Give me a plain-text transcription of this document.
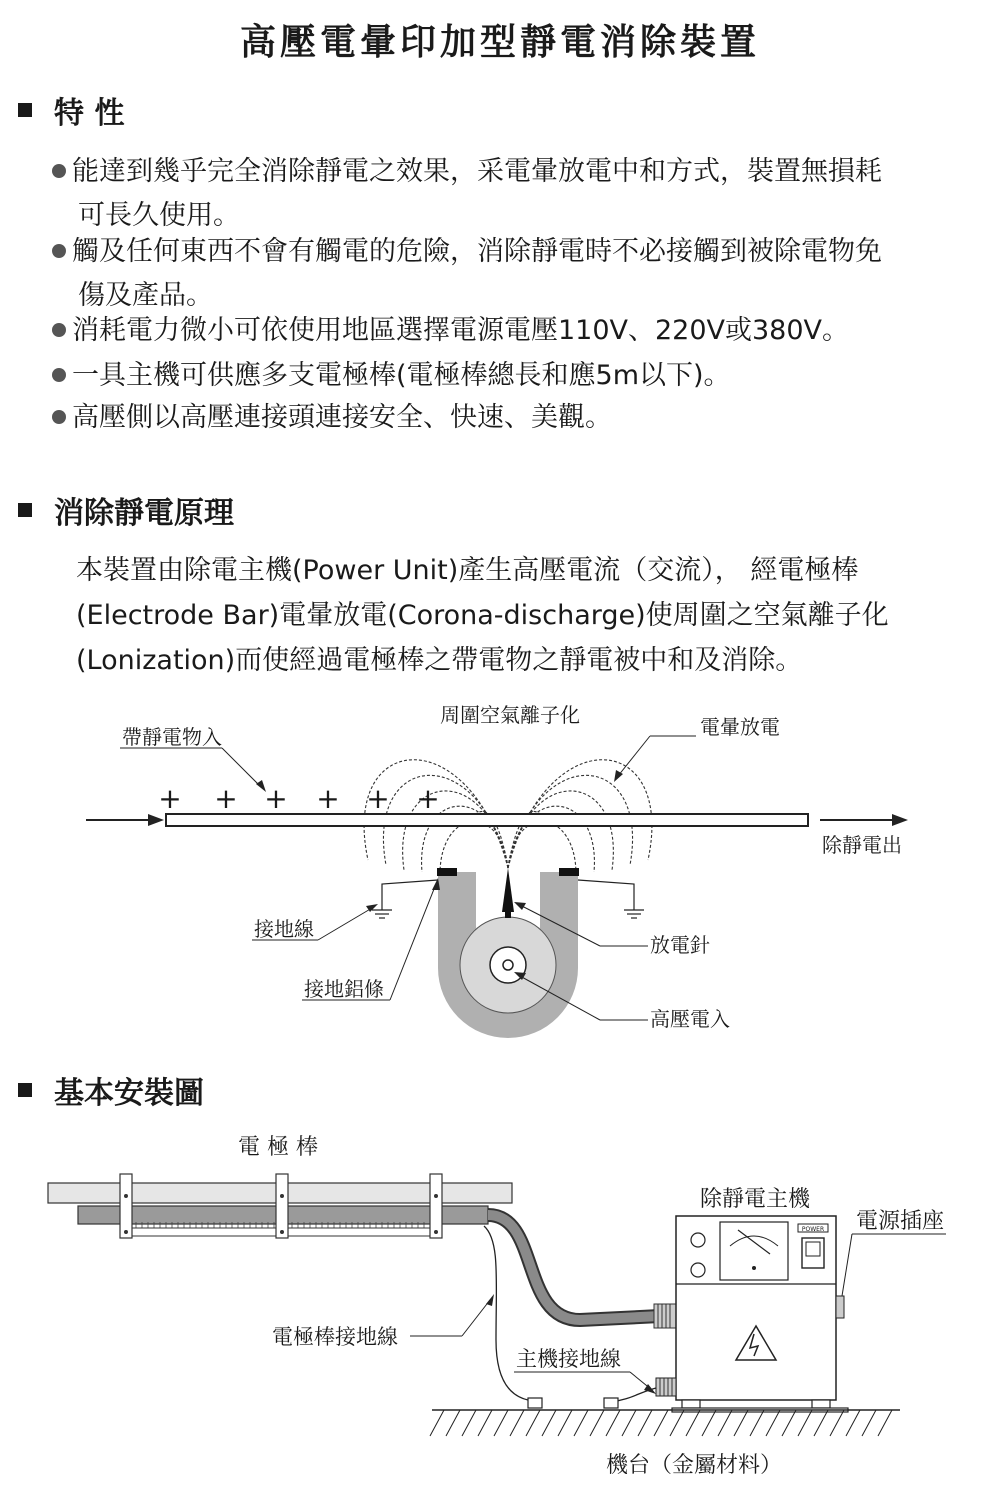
高壓電暈印加型靜電消除裝置
特 性
能達到幾乎完全消除靜電之效果，采電暈放電中和方式，裝置無損耗
可長久使用。
觸及任何東西不會有觸電的危險，消除靜電時不必接觸到被除電物免
傷及產品。
消耗電力微小可依使用地區選擇電源電壓110V、220V或380V。
一具主機可供應多支電極棒(電極棒總長和應5m以下)。
高壓側以高壓連接頭連接安全、快速、美觀。
消除靜電原理
本裝置由除電主機(Power Unit)產生高壓電流（交流）， 經電極棒
(Electrode Bar)電暈放電(Corona-discharge)使周圍之空氣離子化
(Lonization)而使經過電極棒之帶電物之靜電被中和及消除。
+ + + + + +
帶靜電物入
周圍空氣離子化	電暈放電
除靜電出
接地線
接地鋁條
放電針
高壓電入
基本安裝圖
電 極 棒
電極棒接地線
POWER
除靜電主機
電源插座
主機接地線
機台（金屬材料）
